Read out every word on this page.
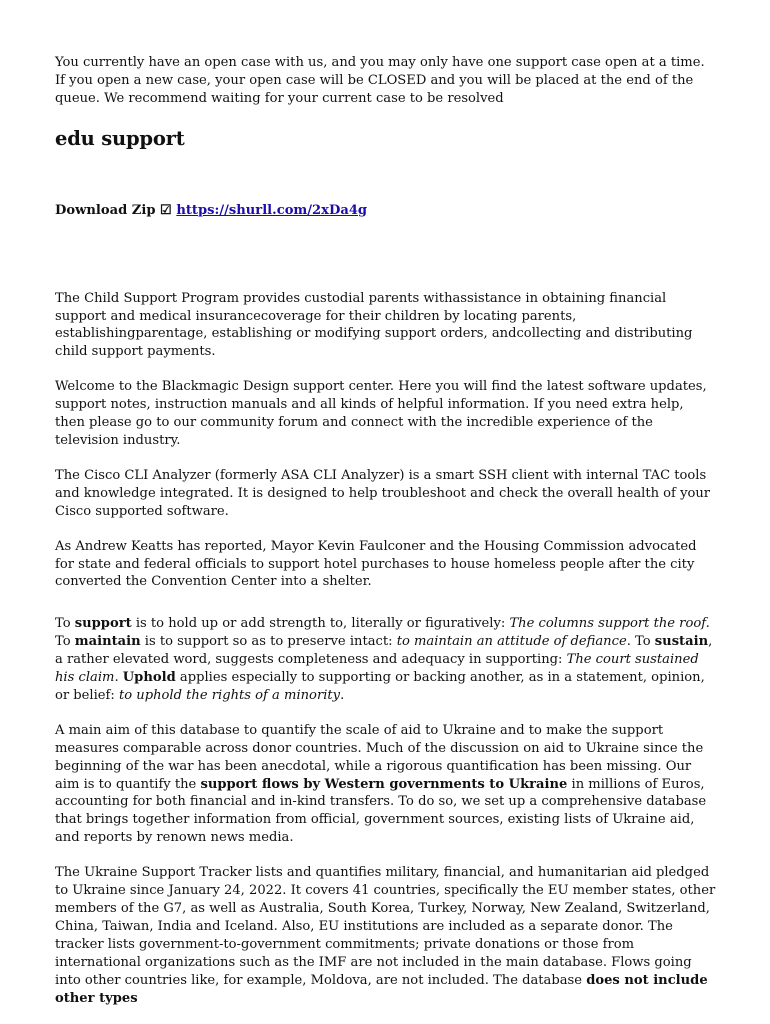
You currently have an open case with us, and you may only have one support case open at a time. If you open a new case, your open case will be CLOSED and you will be placed at the end of the queue. We recommend waiting for your current case to be resolved

edu support

Download Zip ☑ https://shurll.com/2xDa4g

The Child Support Program provides custodial parents withassistance in obtaining financial support and medical insurancecoverage for their children by locating parents, establishingparentage, establishing or modifying support orders, andcollecting and distributing child support payments.

Welcome to the Blackmagic Design support center. Here you will find the latest software updates, support notes, instruction manuals and all kinds of helpful information. If you need extra help, then please go to our community forum and connect with the incredible experience of the television industry.

The Cisco CLI Analyzer (formerly ASA CLI Analyzer) is a smart SSH client with internal TAC tools and knowledge integrated. It is designed to help troubleshoot and check the overall health of your Cisco supported software.

As Andrew Keatts has reported, Mayor Kevin Faulconer and the Housing Commission advocated for state and federal officials to support hotel purchases to house homeless people after the city converted the Convention Center into a shelter.

To support is to hold up or add strength to, literally or figuratively: The columns support the roof. To maintain is to support so as to preserve intact: to maintain an attitude of defiance. To sustain, a rather elevated word, suggests completeness and adequacy in supporting: The court sustained his claim. Uphold applies especially to supporting or backing another, as in a statement, opinion, or belief: to uphold the rights of a minority.

A main aim of this database to quantify the scale of aid to Ukraine and to make the support measures comparable across donor countries. Much of the discussion on aid to Ukraine since the beginning of the war has been anecdotal, while a rigorous quantification has been missing. Our aim is to quantify the support flows by Western governments to Ukraine in millions of Euros, accounting for both financial and in-kind transfers. To do so, we set up a comprehensive database that brings together information from official, government sources, existing lists of Ukraine aid, and reports by renown news media.

The Ukraine Support Tracker lists and quantifies military, financial, and humanitarian aid pledged to Ukraine since January 24, 2022. It covers 41 countries, specifically the EU member states, other members of the G7, as well as Australia, South Korea, Turkey, Norway, New Zealand, Switzerland, China, Taiwan, India and Iceland. Also, EU institutions are included as a separate donor. The tracker lists government-to-government commitments; private donations or those from international organizations such as the IMF are not included in the main database. Flows going into other countries like, for example, Moldova, are not included. The database does not include other types
